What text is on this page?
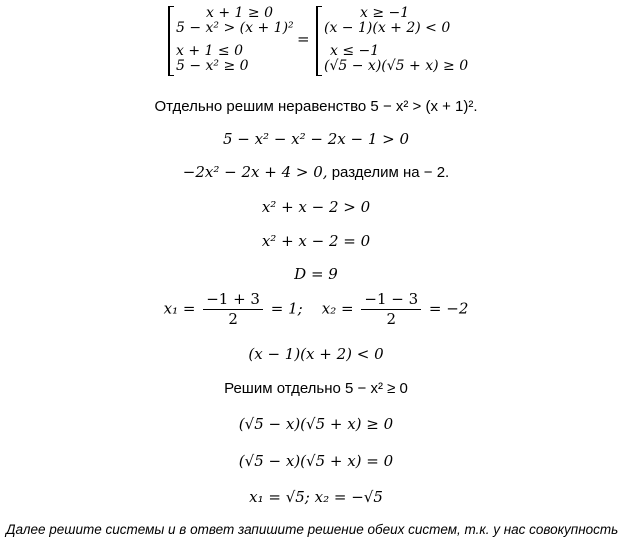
x + 1 ≥ 0
5 − x² > (x + 1)²
x + 1 ≤ 0
5 − x² ≥ 0
=
x ≥ −1
(x − 1)(x + 2) < 0
x ≤ −1
(√5 − x)(√5 + x) ≥ 0
Отдельно решим неравенство 5 − x² > (x + 1)².
5 − x² − x² − 2x − 1 > 0
−2x² − 2x + 4 > 0, разделим на − 2.
x² + x − 2 > 0
x² + x − 2 = 0
D = 9
$x_1 = \frac{-1 + 3}{2} = 1$; $x_2 = \frac{-1 - 3}{2} = -2$
(x − 1)(x + 2) < 0
Решим отдельно 5 − x² ≥ 0
(√5 − x)(√5 + x) ≥ 0
(√5 − x)(√5 + x) = 0
x₁ = √5; x₂ = −√5
Далее решите системы и в ответ запишите решение обеих систем, т.к. у нас совокупность
